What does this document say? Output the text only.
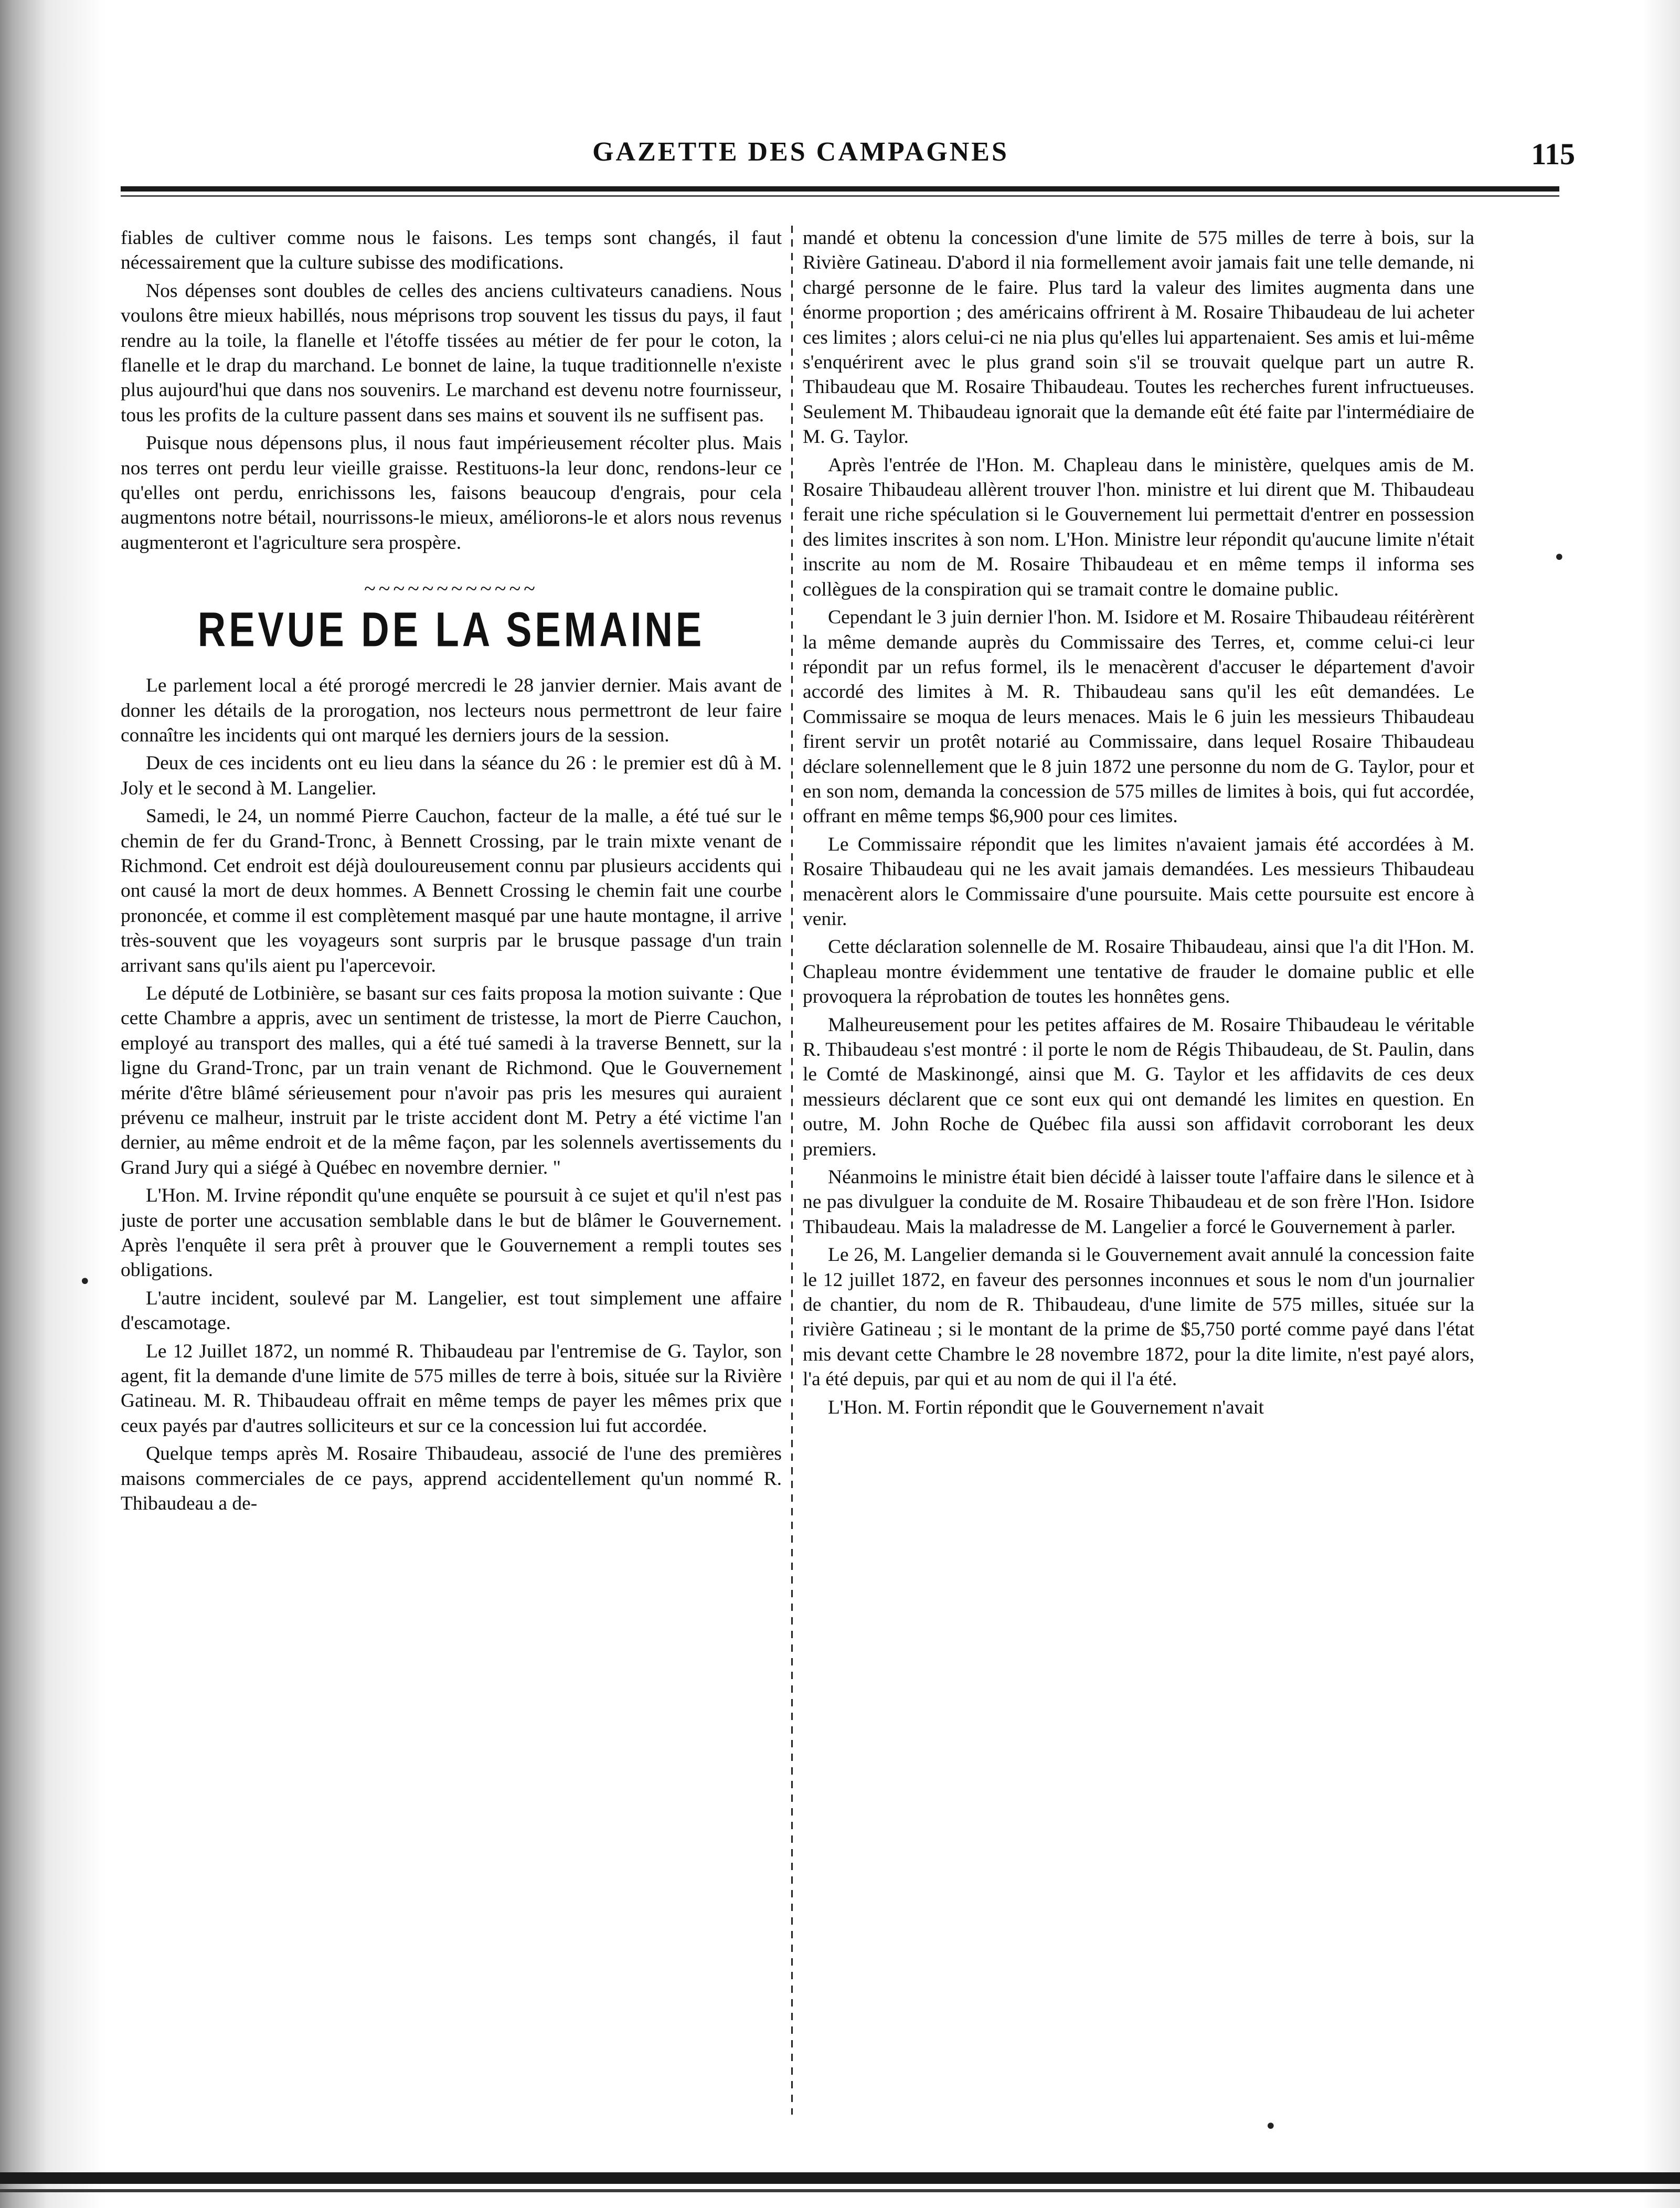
GAZETTE DES CAMPAGNES	115

fiables de cultiver comme nous le faisons. Les temps sont changés, il faut nécessairement que la culture subisse des modifications.

Nos dépenses sont doubles de celles des anciens cultivateurs canadiens. Nous voulons être mieux habillés, nous méprisons trop souvent les tissus du pays, il faut rendre au la toile, la flanelle et l'étoffe tissées au métier de fer pour le coton, la flanelle et le drap du marchand. Le bonnet de laine, la tuque traditionnelle n'existe plus aujourd'hui que dans nos souvenirs. Le marchand est devenu notre fournisseur, tous les profits de la culture passent dans ses mains et souvent ils ne suffisent pas.

Puisque nous dépensons plus, il nous faut impérieusement récolter plus. Mais nos terres ont perdu leur vieille graisse. Restituons-la leur donc, rendons-leur ce qu'elles ont perdu, enrichissons les, faisons beaucoup d'engrais, pour cela augmentons notre bétail, nourrissons-le mieux, améliorons-le et alors nous revenus augmenteront et l'agriculture sera prospère.

~~~~~~~~~~~~
REVUE DE LA SEMAINE

Le parlement local a été prorogé mercredi le 28 janvier dernier. Mais avant de donner les détails de la prorogation, nos lecteurs nous permettront de leur faire connaître les incidents qui ont marqué les derniers jours de la session.

Deux de ces incidents ont eu lieu dans la séance du 26 : le premier est dû à M. Joly et le second à M. Langelier.

Samedi, le 24, un nommé Pierre Cauchon, facteur de la malle, a été tué sur le chemin de fer du Grand-Tronc, à Bennett Crossing, par le train mixte venant de Richmond. Cet endroit est déjà douloureusement connu par plusieurs accidents qui ont causé la mort de deux hommes. A Bennett Crossing le chemin fait une courbe prononcée, et comme il est complètement masqué par une haute montagne, il arrive très-souvent que les voyageurs sont surpris par le brusque passage d'un train arrivant sans qu'ils aient pu l'apercevoir.

Le député de Lotbinière, se basant sur ces faits proposa la motion suivante : Que cette Chambre a appris, avec un sentiment de tristesse, la mort de Pierre Cauchon, employé au transport des malles, qui a été tué samedi à la traverse Bennett, sur la ligne du Grand-Tronc, par un train venant de Richmond. Que le Gouvernement mérite d'être blâmé sérieusement pour n'avoir pas pris les mesures qui auraient prévenu ce malheur, instruit par le triste accident dont M. Petry a été victime l'an dernier, au même endroit et de la même façon, par les solennels avertissements du Grand Jury qui a siégé à Québec en novembre dernier. "

L'Hon. M. Irvine répondit qu'une enquête se poursuit à ce sujet et qu'il n'est pas juste de porter une accusation semblable dans le but de blâmer le Gouvernement. Après l'enquête il sera prêt à prouver que le Gouvernement a rempli toutes ses obligations.

L'autre incident, soulevé par M. Langelier, est tout simplement une affaire d'escamotage.

Le 12 Juillet 1872, un nommé R. Thibaudeau par l'entremise de G. Taylor, son agent, fit la demande d'une limite de 575 milles de terre à bois, située sur la Rivière Gatineau. M. R. Thibaudeau offrait en même temps de payer les mêmes prix que ceux payés par d'autres solliciteurs et sur ce la concession lui fut accordée.

Quelque temps après M. Rosaire Thibaudeau, associé de l'une des premières maisons commerciales de ce pays, apprend accidentellement qu'un nommé R. Thibaudeau a de-

mandé et obtenu la concession d'une limite de 575 milles de terre à bois, sur la Rivière Gatineau. D'abord il nia formellement avoir jamais fait une telle demande, ni chargé personne de le faire. Plus tard la valeur des limites augmenta dans une énorme proportion ; des américains offrirent à M. Rosaire Thibaudeau de lui acheter ces limites ; alors celui-ci ne nia plus qu'elles lui appartenaient. Ses amis et lui-même s'enquérirent avec le plus grand soin s'il se trouvait quelque part un autre R. Thibaudeau que M. Rosaire Thibaudeau. Toutes les recherches furent infructueuses. Seulement M. Thibaudeau ignorait que la demande eût été faite par l'intermédiaire de M. G. Taylor.

Après l'entrée de l'Hon. M. Chapleau dans le ministère, quelques amis de M. Rosaire Thibaudeau allèrent trouver l'hon. ministre et lui dirent que M. Thibaudeau ferait une riche spéculation si le Gouvernement lui permettait d'entrer en possession des limites inscrites à son nom. L'Hon. Ministre leur répondit qu'aucune limite n'était inscrite au nom de M. Rosaire Thibaudeau et en même temps il informa ses collègues de la conspiration qui se tramait contre le domaine public.

Cependant le 3 juin dernier l'hon. M. Isidore et M. Rosaire Thibaudeau réitérèrent la même demande auprès du Commissaire des Terres, et, comme celui-ci leur répondit par un refus formel, ils le menacèrent d'accuser le département d'avoir accordé des limites à M. R. Thibaudeau sans qu'il les eût demandées. Le Commissaire se moqua de leurs menaces. Mais le 6 juin les messieurs Thibaudeau firent servir un protêt notarié au Commissaire, dans lequel Rosaire Thibaudeau déclare solennellement que le 8 juin 1872 une personne du nom de G. Taylor, pour et en son nom, demanda la concession de 575 milles de limites à bois, qui fut accordée, offrant en même temps $6,900 pour ces limites.

Le Commissaire répondit que les limites n'avaient jamais été accordées à M. Rosaire Thibaudeau qui ne les avait jamais demandées. Les messieurs Thibaudeau menacèrent alors le Commissaire d'une poursuite. Mais cette poursuite est encore à venir.

Cette déclaration solennelle de M. Rosaire Thibaudeau, ainsi que l'a dit l'Hon. M. Chapleau montre évidemment une tentative de frauder le domaine public et elle provoquera la réprobation de toutes les honnêtes gens.

Malheureusement pour les petites affaires de M. Rosaire Thibaudeau le véritable R. Thibaudeau s'est montré : il porte le nom de Régis Thibaudeau, de St. Paulin, dans le Comté de Maskinongé, ainsi que M. G. Taylor et les affidavits de ces deux messieurs déclarent que ce sont eux qui ont demandé les limites en question. En outre, M. John Roche de Québec fila aussi son affidavit corroborant les deux premiers.

Néanmoins le ministre était bien décidé à laisser toute l'affaire dans le silence et à ne pas divulguer la conduite de M. Rosaire Thibaudeau et de son frère l'Hon. Isidore Thibaudeau. Mais la maladresse de M. Langelier a forcé le Gouvernement à parler.

Le 26, M. Langelier demanda si le Gouvernement avait annulé la concession faite le 12 juillet 1872, en faveur des personnes inconnues et sous le nom d'un journalier de chantier, du nom de R. Thibaudeau, d'une limite de 575 milles, située sur la rivière Gatineau ; si le montant de la prime de $5,750 porté comme payé dans l'état mis devant cette Chambre le 28 novembre 1872, pour la dite limite, n'est payé alors, l'a été depuis, par qui et au nom de qui il l'a été.

L'Hon. M. Fortin répondit que le Gouvernement n'avait

•
•
•
